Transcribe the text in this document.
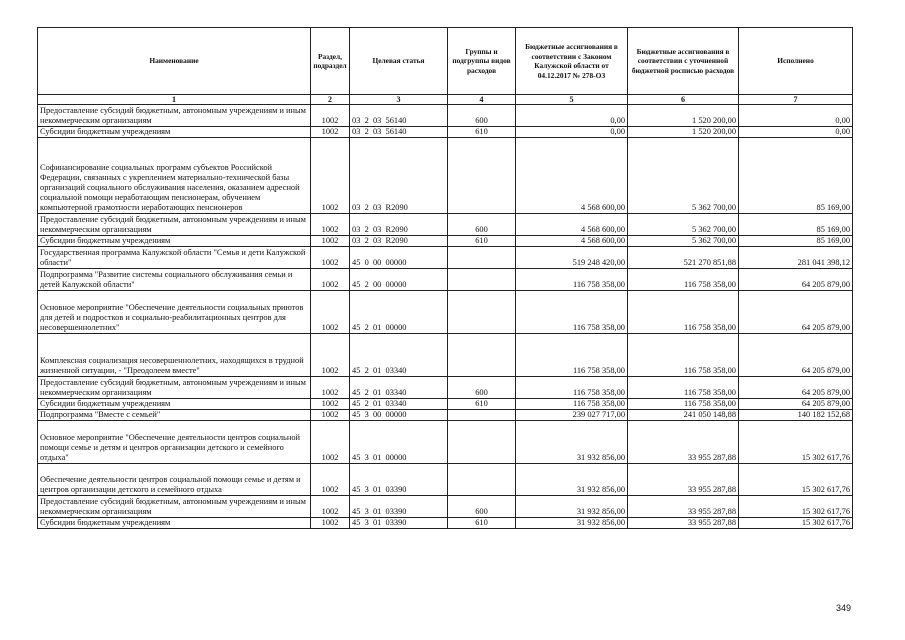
Наименование	Раздел, подраздел	Целевая статья	Группы и подгруппы видов расходов	Бюджетные ассигнования в соответствии с Законом Калужской области от 04.12.2017 № 278-ОЗ	Бюджетные ассигнования в соответствии с уточненной бюджетной росписью расходов	Исполнено
1	2	3	4	5	6	7
Предоставление субсидий бюджетным, автономным учреждениям и иным некоммерческим организациям	1002	03  2  03  56140	600	0,00	1 520 200,00	0,00
Субсидии бюджетным учреждениям	1002	03  2  03  56140	610	0,00	1 520 200,00	0,00
Софинансирование социальных программ субъектов Российской Федерации, связанных с укреплением материально-технической базы организаций социального обслуживания населения, оказанием адресной социальной помощи неработающим пенсионерам, обучением компьютерной грамотности неработающих пенсионеров	1002	03  2  03  R2090		4 568 600,00	5 362 700,00	85 169,00
Предоставление субсидий бюджетным, автономным учреждениям и иным некоммерческим организациям	1002	03  2  03  R2090	600	4 568 600,00	5 362 700,00	85 169,00
Субсидии бюджетным учреждениям	1002	03  2  03  R2090	610	4 568 600,00	5 362 700,00	85 169,00
Государственная программа Калужской области "Семья и дети Калужской области"	1002	45  0  00  00000		519 248 420,00	521 270 851,88	281 041 398,12
Подпрограмма "Развитие системы социального обслуживания семьи и детей Калужской области"	1002	45  2  00  00000		116 758 358,00	116 758 358,00	64 205 879,00
Основное мероприятие "Обеспечение деятельности социальных приютов для детей и подростков и социально-реабилитационных центров для несовершеннолетних"	1002	45  2  01  00000		116 758 358,00	116 758 358,00	64 205 879,00
Комплексная социализация несовершеннолетних, находящихся в трудной жизненной ситуации, - "Преодолеем вместе"	1002	45  2  01  03340		116 758 358,00	116 758 358,00	64 205 879,00
Предоставление субсидий бюджетным, автономным учреждениям и иным некоммерческим организациям	1002	45  2  01  03340	600	116 758 358,00	116 758 358,00	64 205 879,00
Субсидии бюджетным учреждениям	1002	45  2  01  03340	610	116 758 358,00	116 758 358,00	64 205 879,00
Подпрограмма "Вместе с семьей"	1002	45  3  00  00000		239 027 717,00	241 050 148,88	140 182 152,68
Основное мероприятие "Обеспечение деятельности центров социальной помощи семье и детям и центров организации детского и семейного отдыха"	1002	45  3  01  00000		31 932 856,00	33 955 287,88	15 302 617,76
Обеспечение деятельности центров социальной помощи семье и детям и центров организации детского и семейного отдыха	1002	45  3  01  03390		31 932 856,00	33 955 287,88	15 302 617,76
Предоставление субсидий бюджетным, автономным учреждениям и иным некоммерческим организациям	1002	45  3  01  03390	600	31 932 856,00	33 955 287,88	15 302 617,76
Субсидии бюджетным учреждениям	1002	45  3  01  03390	610	31 932 856,00	33 955 287,88	15 302 617,76
349
